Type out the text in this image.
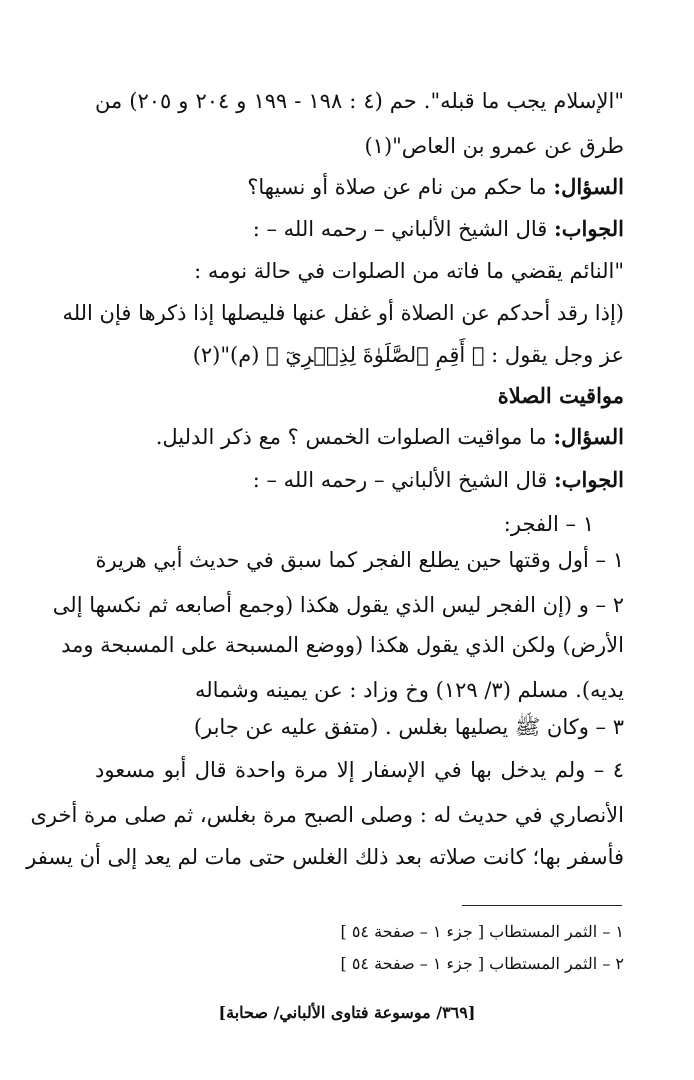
"الإسلام يجب ما قبله". حم (٤ : ١٩٨ - ١٩٩ و ٢٠٤ و ٢٠٥) من
طرق عن عمرو بن العاص"(١)
السؤال: ما حكم من نام عن صلاة أو نسيها؟
الجواب: قال الشيخ الألباني – رحمه الله – :
"النائم يقضي ما فاته من الصلوات في حالة نومه :
(إذا رقد أحدكم عن الصلاة أو غفل عنها فليصلها إذا ذكرها فإن الله
عز وجل يقول : ﴿ أَقِمِ ٱلصَّلَوٰةَ لِذِكۡرِيٓ ﴾ (م)"(٢)
مواقيت الصلاة
السؤال: ما مواقيت الصلوات الخمس ؟ مع ذكر الدليل.
الجواب: قال الشيخ الألباني – رحمه الله – :
١ – الفجر:
١ – أول وقتها حين يطلع الفجر كما سبق في حديث أبي هريرة
٢ – و (إن الفجر ليس الذي يقول هكذا (وجمع أصابعه ثم نكسها إلى
الأرض) ولكن الذي يقول هكذا (ووضع المسبحة على المسبحة ومد
يديه). مسلم (٣/ ١٢٩) وخ وزاد : عن يمينه وشماله
٣ – وكان ﷺ يصليها بغلس . (متفق عليه عن جابر)
٤ – ولم يدخل بها في الإسفار إلا مرة واحدة قال أبو مسعود
الأنصاري في حديث له : وصلى الصبح مرة بغلس، ثم صلى مرة أخرى
فأسفر بها؛ كانت صلاته بعد ذلك الغلس حتى مات لم يعد إلى أن يسفر
١ – الثمر المستطاب [ جزء ١ – صفحة ٥٤ ]
٢ – الثمر المستطاب [ جزء ١ – صفحة ٥٤ ]
[٣٦٩/ موسوعة فتاوى الألباني/ صحابة]
